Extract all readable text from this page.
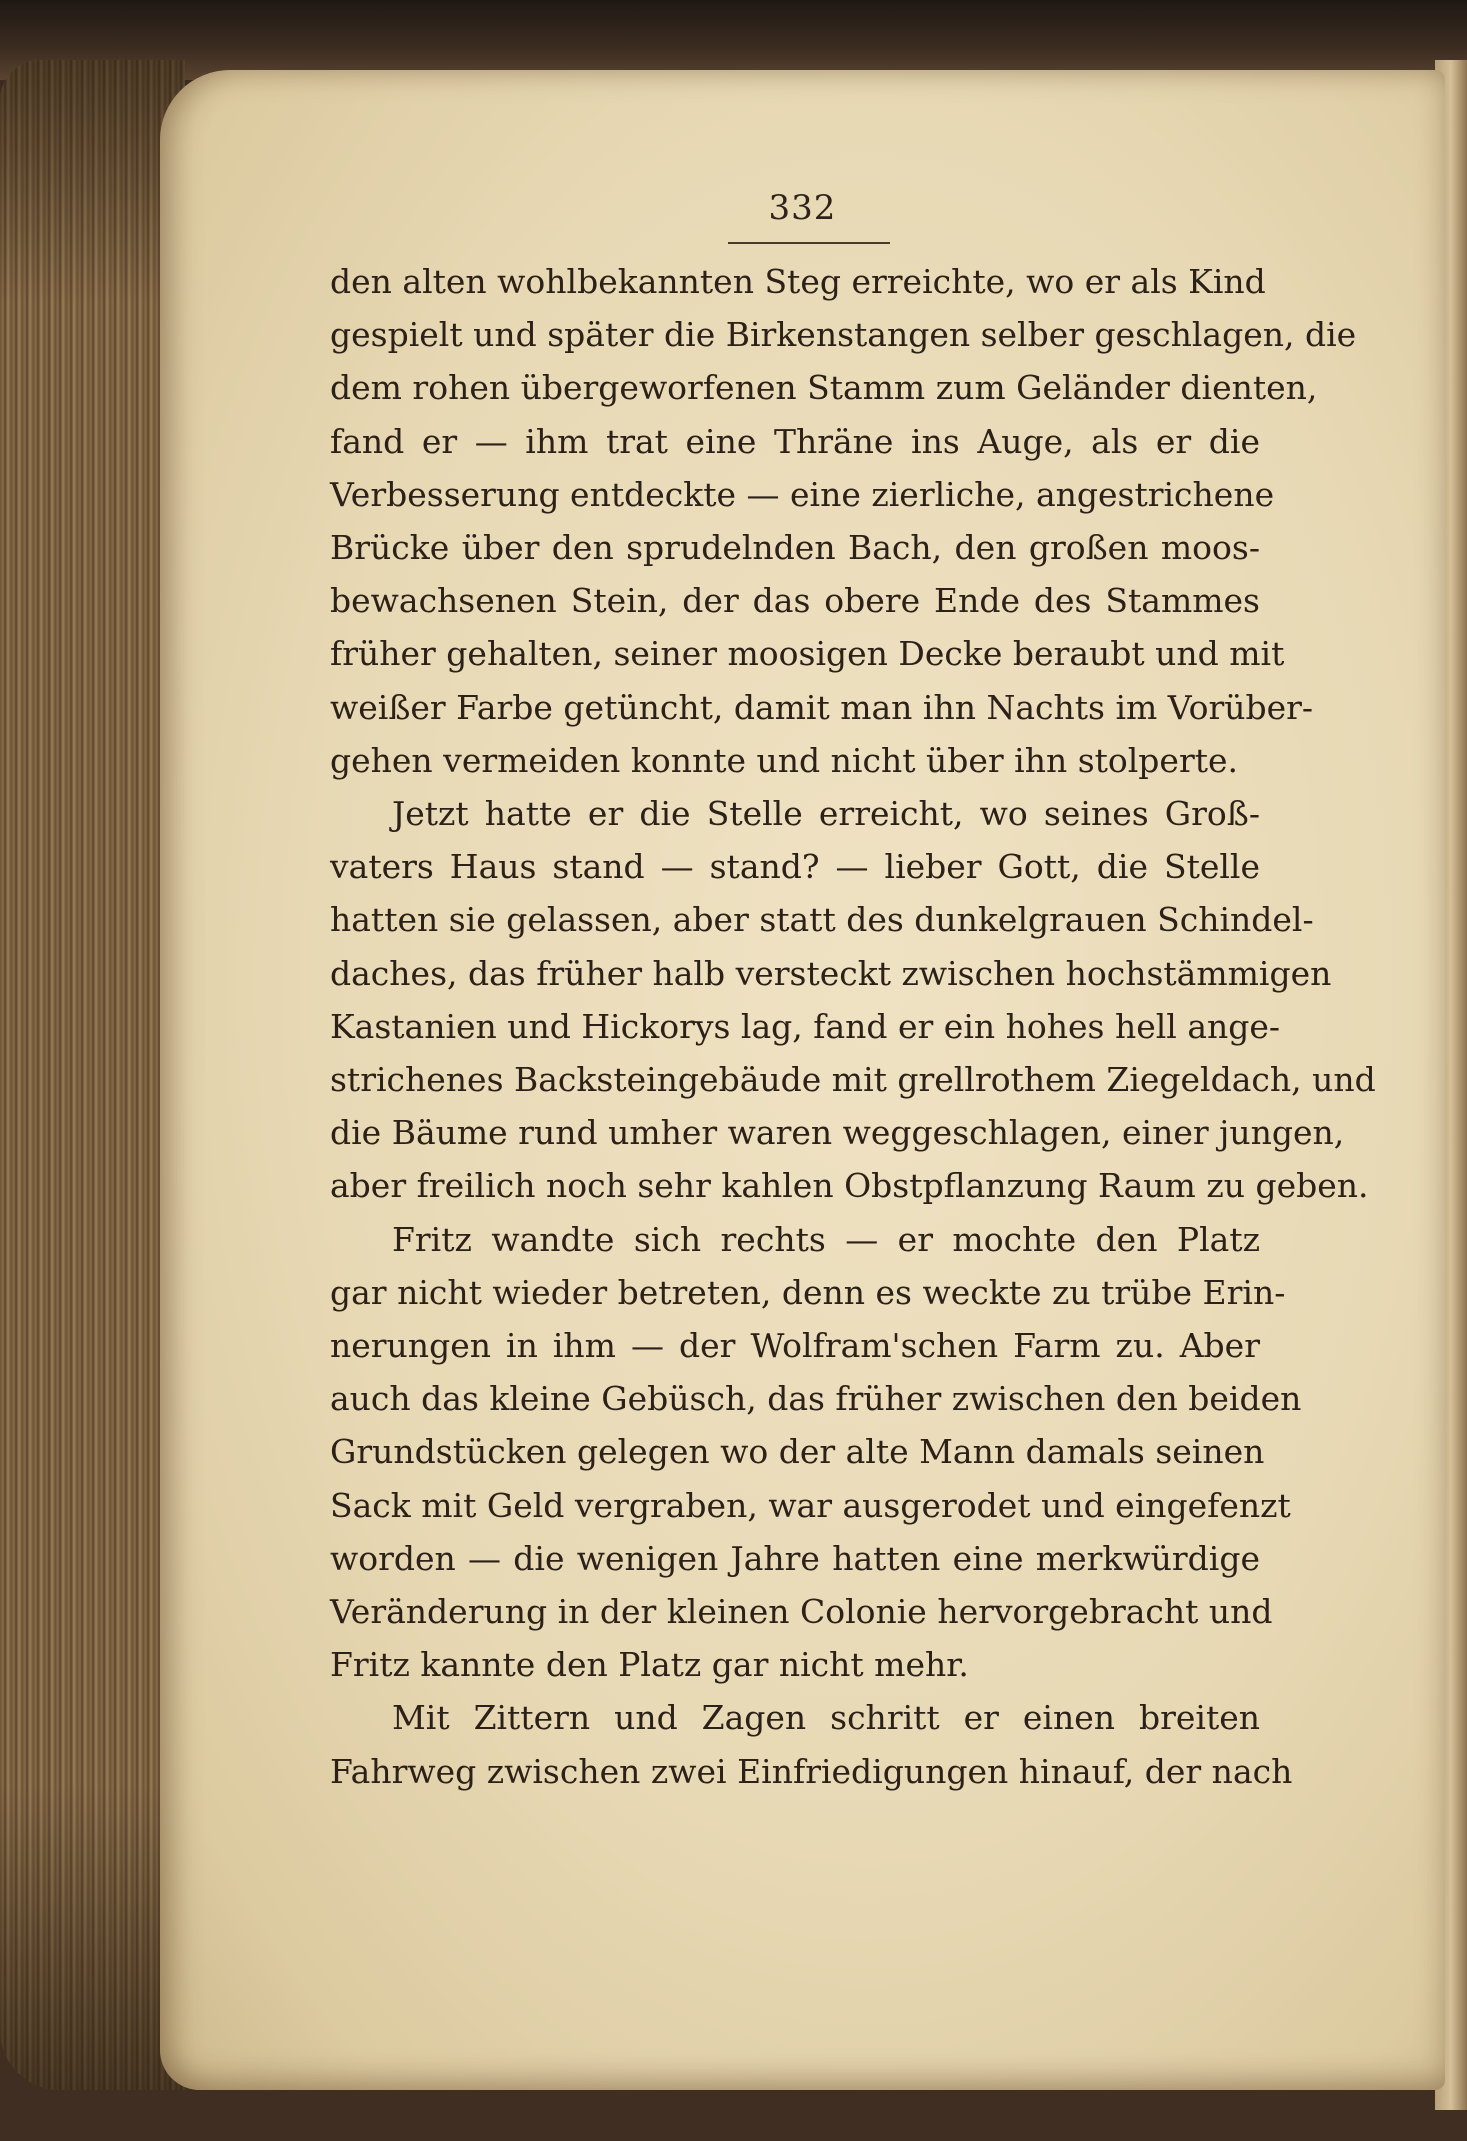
332
den alten wohlbekannten Steg erreichte, wo er als Kind
gespielt und später die Birkenstangen selber geschlagen, die
dem rohen übergeworfenen Stamm zum Geländer dienten,
fand er — ihm trat eine Thräne ins Auge, als er die
Verbesserung entdeckte — eine zierliche, angestrichene
Brücke über den sprudelnden Bach, den großen moos-
bewachsenen Stein, der das obere Ende des Stammes
früher gehalten, seiner moosigen Decke beraubt und mit
weißer Farbe getüncht, damit man ihn Nachts im Vorüber-
gehen vermeiden konnte und nicht über ihn stolperte.
Jetzt hatte er die Stelle erreicht, wo seines Groß-
vaters Haus stand — stand? — lieber Gott, die Stelle
hatten sie gelassen, aber statt des dunkelgrauen Schindel-
daches, das früher halb versteckt zwischen hochstämmigen
Kastanien und Hickorys lag, fand er ein hohes hell ange-
strichenes Backsteingebäude mit grellrothem Ziegeldach, und
die Bäume rund umher waren weggeschlagen, einer jungen,
aber freilich noch sehr kahlen Obstpflanzung Raum zu geben.
Fritz wandte sich rechts — er mochte den Platz
gar nicht wieder betreten, denn es weckte zu trübe Erin-
nerungen in ihm — der Wolfram'schen Farm zu. Aber
auch das kleine Gebüsch, das früher zwischen den beiden
Grundstücken gelegen wo der alte Mann damals seinen
Sack mit Geld vergraben, war ausgerodet und eingefenzt
worden — die wenigen Jahre hatten eine merkwürdige
Veränderung in der kleinen Colonie hervorgebracht und
Fritz kannte den Platz gar nicht mehr.
Mit Zittern und Zagen schritt er einen breiten
Fahrweg zwischen zwei Einfriedigungen hinauf, der nach
